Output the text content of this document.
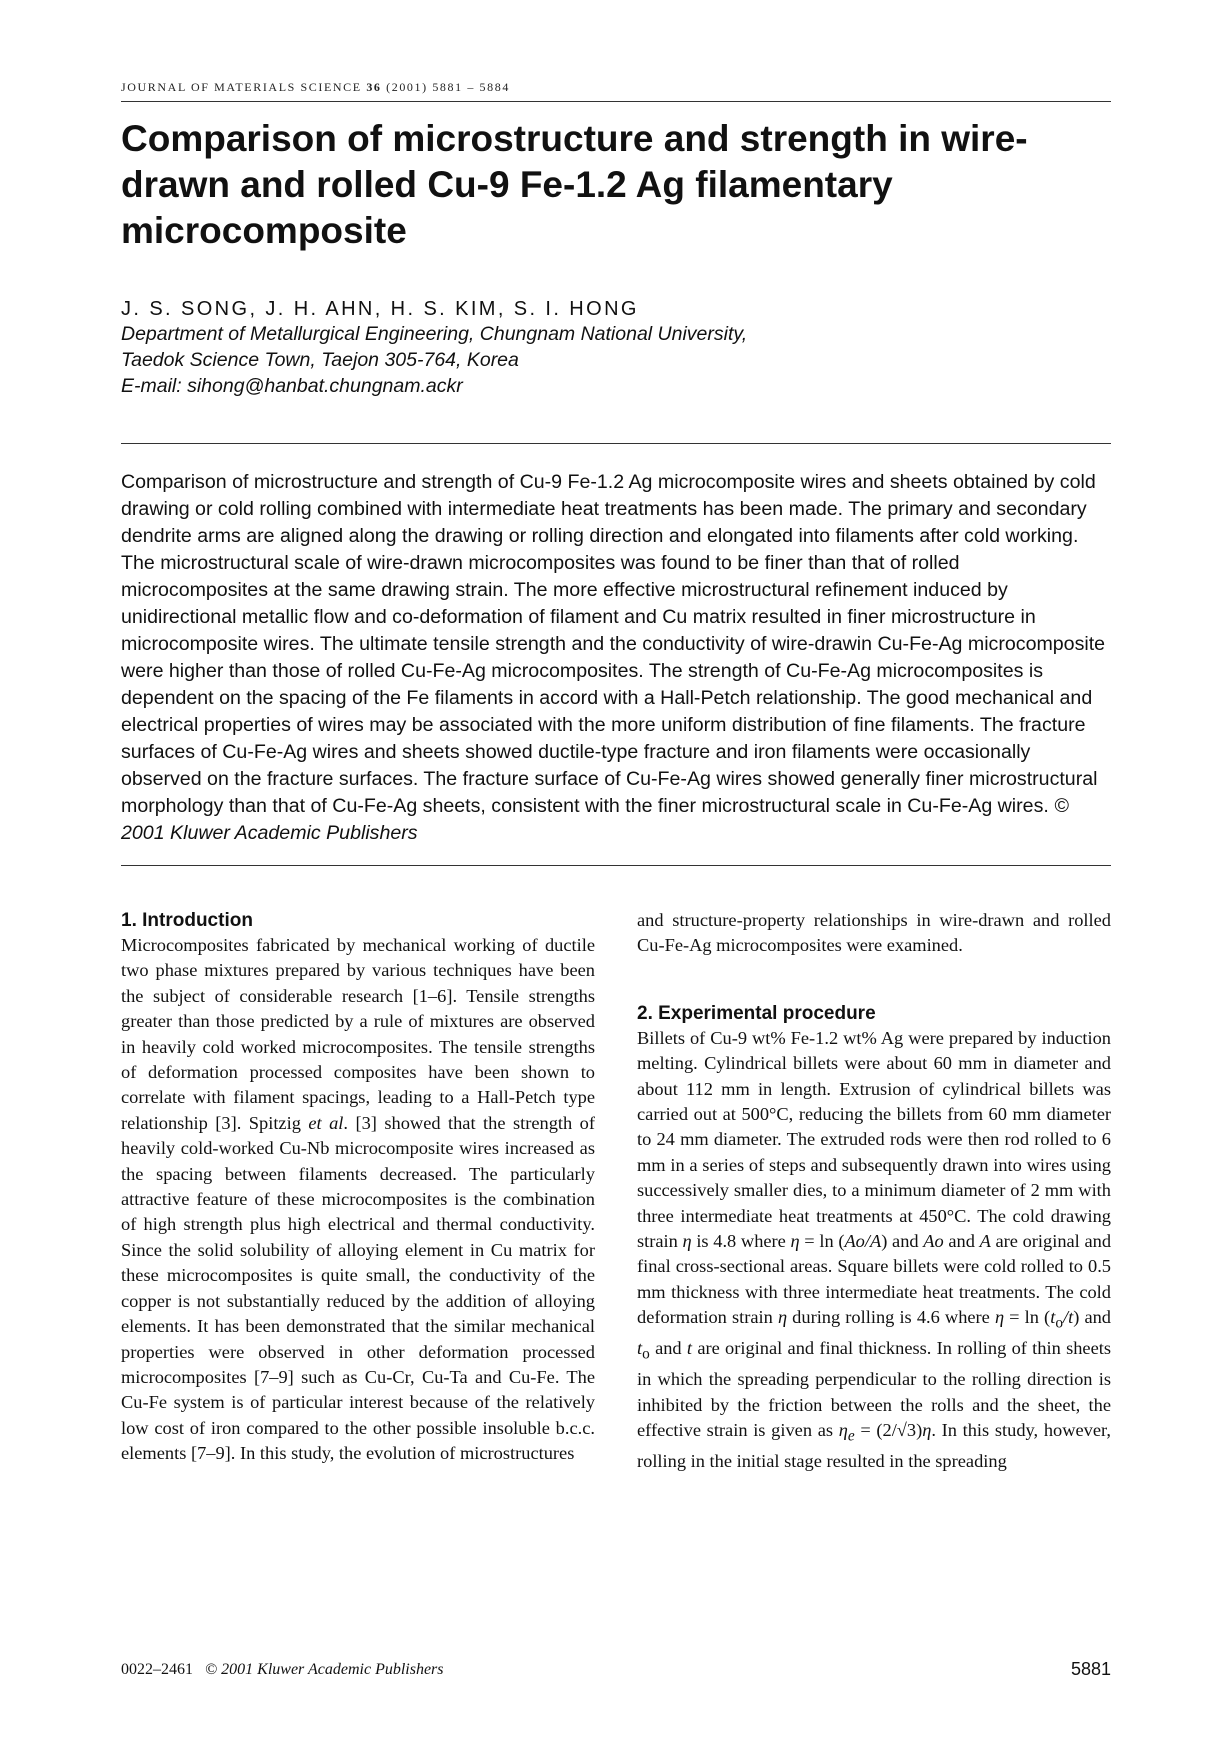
JOURNAL OF MATERIALS SCIENCE 36 (2001) 5881 – 5884
Comparison of microstructure and strength in wire-drawn and rolled Cu-9 Fe-1.2 Ag filamentary microcomposite
J. S. SONG, J. H. AHN, H. S. KIM, S. I. HONG
Department of Metallurgical Engineering, Chungnam National University,
Taedok Science Town, Taejon 305-764, Korea
E-mail: sihong@hanbat.chungnam.ackr
Comparison of microstructure and strength of Cu-9 Fe-1.2 Ag microcomposite wires and sheets obtained by cold drawing or cold rolling combined with intermediate heat treatments has been made. The primary and secondary dendrite arms are aligned along the drawing or rolling direction and elongated into filaments after cold working. The microstructural scale of wire-drawn microcomposites was found to be finer than that of rolled microcomposites at the same drawing strain. The more effective microstructural refinement induced by unidirectional metallic flow and co-deformation of filament and Cu matrix resulted in finer microstructure in microcomposite wires. The ultimate tensile strength and the conductivity of wire-drawin Cu-Fe-Ag microcomposite were higher than those of rolled Cu-Fe-Ag microcomposites. The strength of Cu-Fe-Ag microcomposites is dependent on the spacing of the Fe filaments in accord with a Hall-Petch relationship. The good mechanical and electrical properties of wires may be associated with the more uniform distribution of fine filaments. The fracture surfaces of Cu-Fe-Ag wires and sheets showed ductile-type fracture and iron filaments were occasionally observed on the fracture surfaces. The fracture surface of Cu-Fe-Ag wires showed generally finer microstructural morphology than that of Cu-Fe-Ag sheets, consistent with the finer microstructural scale in Cu-Fe-Ag wires. © 2001 Kluwer Academic Publishers
1. Introduction

Microcomposites fabricated by mechanical working of ductile two phase mixtures prepared by various techniques have been the subject of considerable research [1–6]. Tensile strengths greater than those predicted by a rule of mixtures are observed in heavily cold worked microcomposites. The tensile strengths of deformation processed composites have been shown to correlate with filament spacings, leading to a Hall-Petch type relationship [3]. Spitzig et al. [3] showed that the strength of heavily cold-worked Cu-Nb microcomposite wires increased as the spacing between filaments decreased. The particularly attractive feature of these microcomposites is the combination of high strength plus high electrical and thermal conductivity. Since the solid solubility of alloying element in Cu matrix for these microcomposites is quite small, the conductivity of the copper is not substantially reduced by the addition of alloying elements. It has been demonstrated that the similar mechanical properties were observed in other deformation processed microcomposites [7–9] such as Cu-Cr, Cu-Ta and Cu-Fe. The Cu-Fe system is of particular interest because of the relatively low cost of iron compared to the other possible insoluble b.c.c. elements [7–9]. In this study, the evolution of microstructures

and structure-property relationships in wire-drawn and rolled Cu-Fe-Ag microcomposites were examined.

2. Experimental procedure

Billets of Cu-9 wt% Fe-1.2 wt% Ag were prepared by induction melting. Cylindrical billets were about 60 mm in diameter and about 112 mm in length. Extrusion of cylindrical billets was carried out at 500°C, reducing the billets from 60 mm diameter to 24 mm diameter. The extruded rods were then rod rolled to 6 mm in a series of steps and subsequently drawn into wires using successively smaller dies, to a minimum diameter of 2 mm with three intermediate heat treatments at 450°C. The cold drawing strain η is 4.8 where η = ln (Ao/A) and Ao and A are original and final cross-sectional areas. Square billets were cold rolled to 0.5 mm thickness with three intermediate heat treatments. The cold deformation strain η during rolling is 4.6 where $\eta = \ln (t_o/t)$ and $t_o$ and t are original and final thickness. In rolling of thin sheets in which the spreading perpendicular to the rolling direction is inhibited by the friction between the rolls and the sheet, the effective strain is given as $\eta_e = (2/√3)\eta$. In this study, however, rolling in the initial stage resulted in the spreading

0022–2461 © 2001 Kluwer Academic Publishers	5881
